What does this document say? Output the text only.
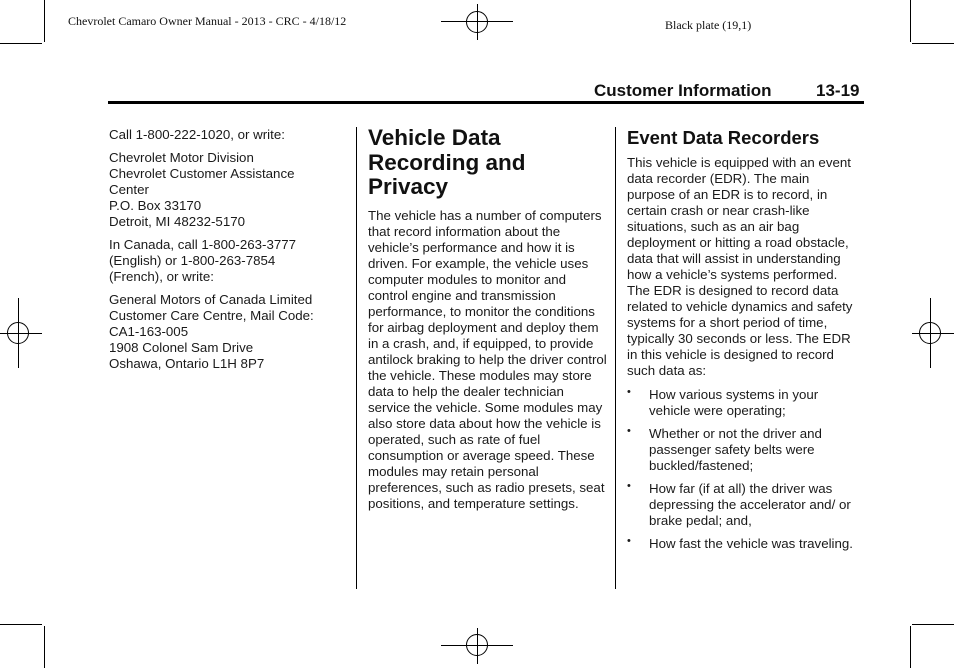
Chevrolet Camaro Owner Manual - 2013 - CRC - 4/18/12	Black plate (19,1)
Customer Information	13-19

Call 1-800-222-1020, or write:

Chevrolet Motor Division
Chevrolet Customer Assistance
Center
P.O. Box 33170
Detroit, MI 48232-5170

In Canada, call 1-800-263-3777
(English) or 1-800-263-7854
(French), or write:

General Motors of Canada Limited
Customer Care Centre, Mail Code:
CA1-163-005
1908 Colonel Sam Drive
Oshawa, Ontario L1H 8P7

Vehicle Data Recording and Privacy

The vehicle has a number of computers that record information about the vehicle’s performance and how it is driven. For example, the vehicle uses computer modules to monitor and control engine and transmission performance, to monitor the conditions for airbag deployment and deploy them in a crash, and, if equipped, to provide antilock braking to help the driver control the vehicle. These modules may store data to help the dealer technician service the vehicle. Some modules may also store data about how the vehicle is operated, such as rate of fuel consumption or average speed. These modules may retain personal preferences, such as radio presets, seat positions, and temperature settings.

Event Data Recorders

This vehicle is equipped with an event data recorder (EDR). The main purpose of an EDR is to record, in certain crash or near crash-like situations, such as an air bag deployment or hitting a road obstacle, data that will assist in understanding how a vehicle’s systems performed. The EDR is designed to record data related to vehicle dynamics and safety systems for a short period of time, typically 30 seconds or less. The EDR in this vehicle is designed to record such data as:

• How various systems in your vehicle were operating;
• Whether or not the driver and passenger safety belts were buckled/fastened;
• How far (if at all) the driver was depressing the accelerator and/ or brake pedal; and,
• How fast the vehicle was traveling.
